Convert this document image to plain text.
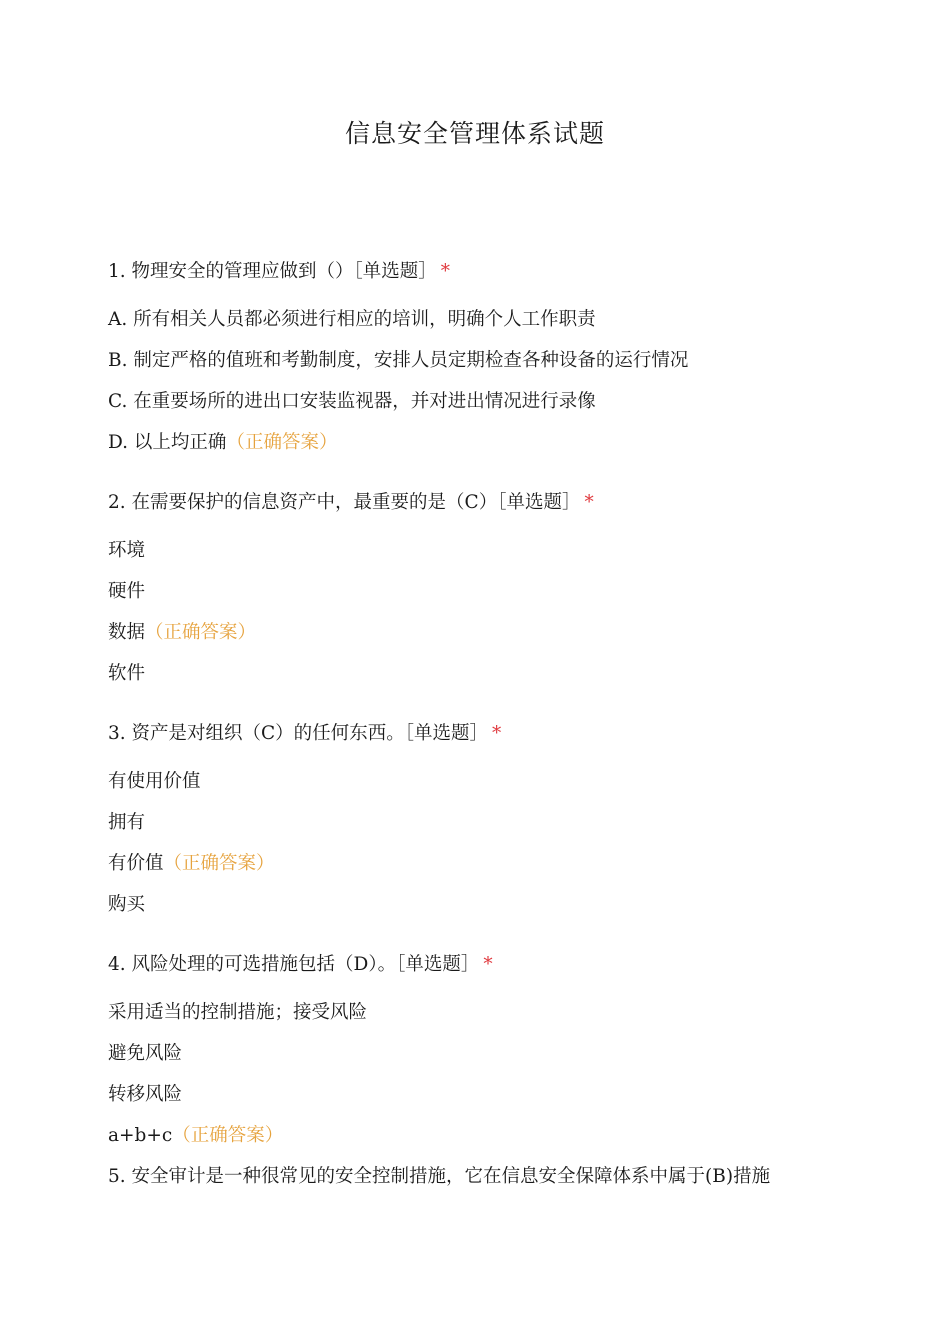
信息安全管理体系试题
1. 物理安全的管理应做到（）［单选题］ *
A. 所有相关人员都必须进行相应的培训，明确个人工作职责
B. 制定严格的值班和考勤制度，安排人员定期检查各种设备的运行情况
C. 在重要场所的进出口安装监视器，并对进出情况进行录像
D. 以上均正确（正确答案）
2. 在需要保护的信息资产中，最重要的是（C）［单选题］ *
环境
硬件
数据（正确答案）
软件
3. 资产是对组织（C）的任何东西。［单选题］ *
有使用价值
拥有
有价值（正确答案）
购买
4. 风险处理的可选措施包括（D）。［单选题］ *
采用适当的控制措施；接受风险
避免风险
转移风险
a+b+c（正确答案）
5. 安全审计是一种很常见的安全控制措施，它在信息安全保障体系中属于(B)措施
